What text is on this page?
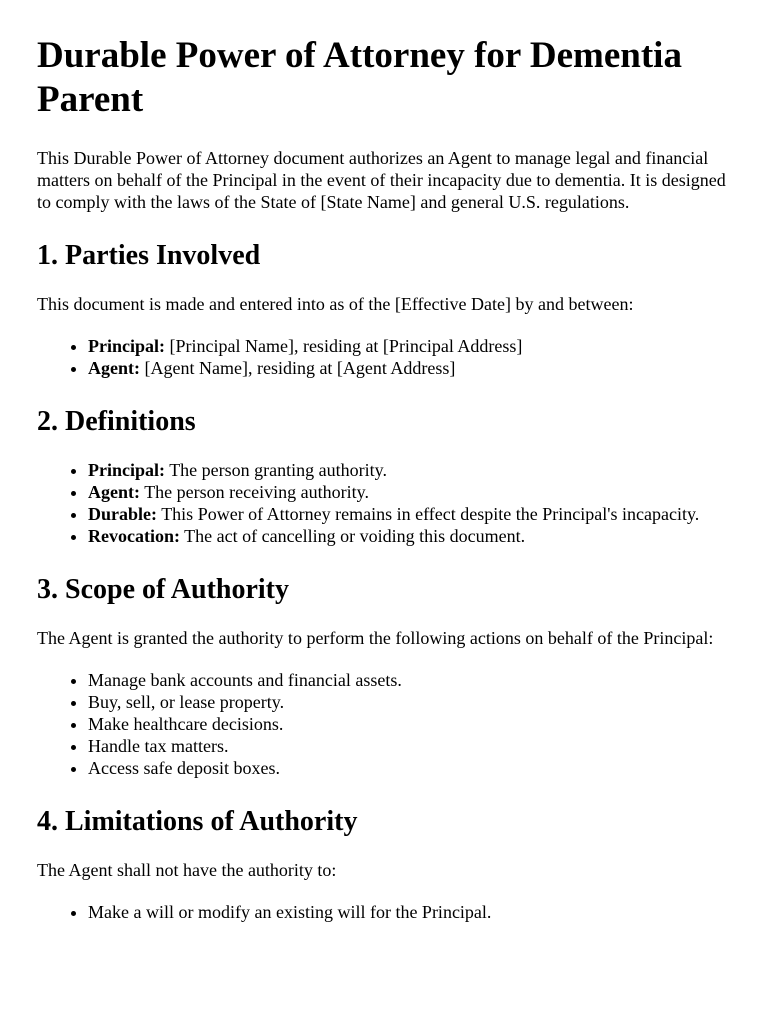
Durable Power of Attorney for Dementia Parent

This Durable Power of Attorney document authorizes an Agent to manage legal and financial matters on behalf of the Principal in the event of their incapacity due to dementia. It is designed to comply with the laws of the State of [State Name] and general U.S. regulations.

1. Parties Involved

This document is made and entered into as of the [Effective Date] by and between:

• Principal: [Principal Name], residing at [Principal Address]
• Agent: [Agent Name], residing at [Agent Address]
2. Definitions
• Principal: The person granting authority.
• Agent: The person receiving authority.
• Durable: This Power of Attorney remains in effect despite the Principal's incapacity.
• Revocation: The act of cancelling or voiding this document.
3. Scope of Authority

The Agent is granted the authority to perform the following actions on behalf of the Principal:

• Manage bank accounts and financial assets.
• Buy, sell, or lease property.
• Make healthcare decisions.
• Handle tax matters.
• Access safe deposit boxes.
4. Limitations of Authority

The Agent shall not have the authority to:

• Make a will or modify an existing will for the Principal.
